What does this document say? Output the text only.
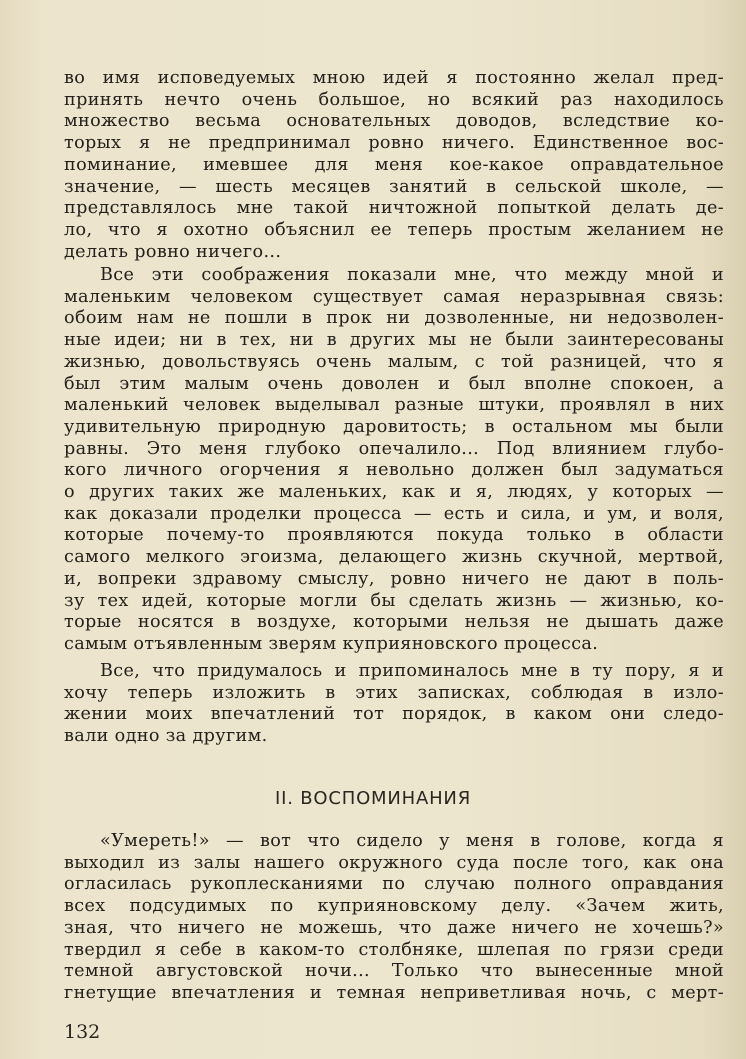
во имя исповедуемых мною идей я постоянно желал пред-
принять нечто очень большое, но всякий раз находилось
множество весьма основательных доводов, вследствие ко-
торых я не предпринимал ровно ничего. Единственное вос-
поминание, имевшее для меня кое-какое оправдательное
значение, — шесть месяцев занятий в сельской школе, —
представлялось мне такой ничтожной попыткой делать де-
ло, что я охотно объяснил ее теперь простым желанием не
делать ровно ничего...
Все эти соображения показали мне, что между мной и
маленьким человеком существует самая неразрывная связь:
обоим нам не пошли в прок ни дозволенные, ни недозволен-
ные идеи; ни в тех, ни в других мы не были заинтересованы
жизнью, довольствуясь очень малым, с той разницей, что я
был этим малым очень доволен и был вполне спокоен, а
маленький человек выделывал разные штуки, проявлял в них
удивительную природную даровитость; в остальном мы были
равны. Это меня глубоко опечалило... Под влиянием глубо-
кого личного огорчения я невольно должен был задуматься
о других таких же маленьких, как и я, людях, у которых —
как доказали проделки процесса — есть и сила, и ум, и воля,
которые почему-то проявляются покуда только в области
самого мелкого эгоизма, делающего жизнь скучной, мертвой,
и, вопреки здравому смыслу, ровно ничего не дают в поль-
зу тех идей, которые могли бы сделать жизнь — жизнью, ко-
торые носятся в воздухе, которыми нельзя не дышать даже
самым отъявленным зверям куприяновского процесса.
Все, что придумалось и припоминалось мне в ту пору, я и
хочу теперь изложить в этих записках, соблюдая в изло-
жении моих впечатлений тот порядок, в каком они следо-
вали одно за другим.
II. ВОСПОМИНАНИЯ
«Умереть!» — вот что сидело у меня в голове, когда я
выходил из залы нашего окружного суда после того, как она
огласилась рукоплесканиями по случаю полного оправдания
всех подсудимых по куприяновскому делу. «Зачем жить,
зная, что ничего не можешь, что даже ничего не хочешь?»
твердил я себе в каком-то столбняке, шлепая по грязи среди
темной августовской ночи... Только что вынесенные мной
гнетущие впечатления и темная неприветливая ночь, с мерт-
132
